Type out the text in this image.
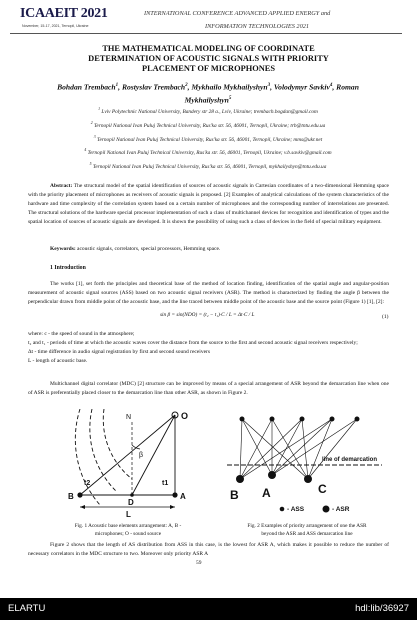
ICAAEIT 2021
November, 15-17, 2021, Ternopil, Ukraine
INTERNATIONAL CONFERENCE ADVANCED APPLIED ENERGY and
INFORMATION TECHNOLOGIES 2021
THE MATHEMATICAL MODELING OF COORDINATE
DETERMINATION OF ACOUSTIC SIGNALS WITH PRIORITY
PLACEMENT OF MICROPHONES
Bohdan Trembach$^1$, Rostyslav Trembach$^2$, Mykhailo Mykhailyshyn$^3$, Volodymyr Savkiv$^4$, Roman
Mykhailyshyn$^5$
$^1$ Lviv Polytechnic National University, Bandery str 28 a., Lviv, Ukraine; trembach.bogdan@gmail.com
$^2$ Ternopil National Ivan Puluj Technical University, Rus'ka str. 56, 46001, Ternopil, Ukraine; trb@tntu.edu.ua
$^3$ Ternopil National Ivan Puluj Technical University, Rus'ka str. 56, 46001, Ternopil, Ukraine; mms@ukr.net
$^4$ Ternopil National Ivan Puluj Technical University, Rus'ka str. 56, 46001, Ternopil, Ukraine; v.b.savkiv@gmail.com
$^5$ Ternopil National Ivan Puluj Technical University, Rus'ka str. 56, 46001, Ternopil, mykhailyshyn@tntu.edu.ua
Abstract: The structural model of the spatial identification of sources of acoustic signals in Cartesian coordinates of a two-dimensional Hemming space with the priority placement of microphones as receivers of acoustic signals is proposed. [2] Examples of analytical calculations of the system characteristics of the hardware and time complexity of the correlation system based on a certain number of microphones and the corresponding number of interrelations are presented. The structural solutions of the hardware special processor implementation of such a class of multichannel devices for recognition and identification of types and the spatial location of sources of acoustic signals are developed. It is shown the possibility of using such a class of devices in the field of special military equipment.
Keywords: acoustic signals, correlators, special processors, Hemming space.
1 Introduction
The works [1], set forth the principles and theoretical base of the method of location finding, identification of the spatial angle and angular-position measurement of acoustic signal sources (ASS) based on two acoustic signal receivers (ASR). The method is characterized by finding the angle β between the perpendicular drawn from middle point of the acoustic base, and the line traced between middle point of the acoustic base and the source point (Figure 1) [1], [2]:
sin β = sin(NDO) = (t₂ − t₁)·C / L = Δt·C / L	(1)
where: c - the speed of sound in the atmosphere;
t₂ and t₁ - periods of time at which the acoustic waves cover the distance from the source to the first and second acoustic signal receivers respectively;
Δt - time difference in audio signal registration by first and second sound receivers
L - length of acoustic base.
Multichannel digital correlator (MDC) [2] structure can be improved by means of a special arrangement of ASR beyond the demarcation line when one of ASR is preferentially placed closer to the demarcation line than other ASR, as shown in Figure 2.
O
β
t2	t1
B
D
L
A
N
line of demarcation
B A	C
- ASS	- ASR
Fig. 1 Acoustic base elements arrangement: A, B -
microphones; O - sound source
Fig. 2 Examples of priority arrangement of one the ASR
beyond the ASR and ASS demarcation line
Figure 2 shows that the length of AS distribution from ASS in this case, is the lowest for ASR A, which makes it possible to reduce the number of necessary correlators in the MDC structure to two. Moreover only priority ASR A
59
ELARTU	hdl:lib/36927
